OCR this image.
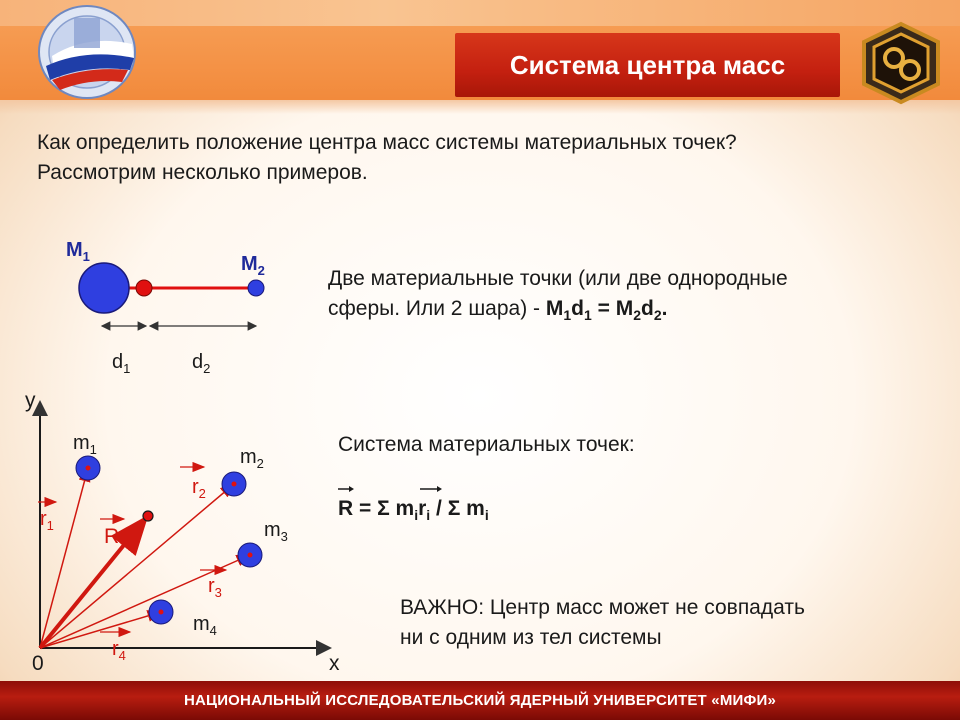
Система центра масс
Как определить положение центра масс системы материальных точек?
Рассмотрим несколько примеров.
Две материальные точки (или две однородные
сферы. Или 2 шара) - $M_1d_1 = M_2d_2$.
Система материальных точек:
R = Σ $m_i$
$r_i$ / Σ $m_i$
ВАЖНО: Центр масс может не совпадать
ни с одним из тел системы
$M_1$	$M_2$
$d_1$	$d_2$
y
x
0
$m_1$	$m_2$
$m_3$
$m_4$
$r_1$
$r_2$
$r_3$
$r_4$
R
НАЦИОНАЛЬНЫЙ ИССЛЕДОВАТЕЛЬСКИЙ ЯДЕРНЫЙ УНИВЕРСИТЕТ «МИФИ»
